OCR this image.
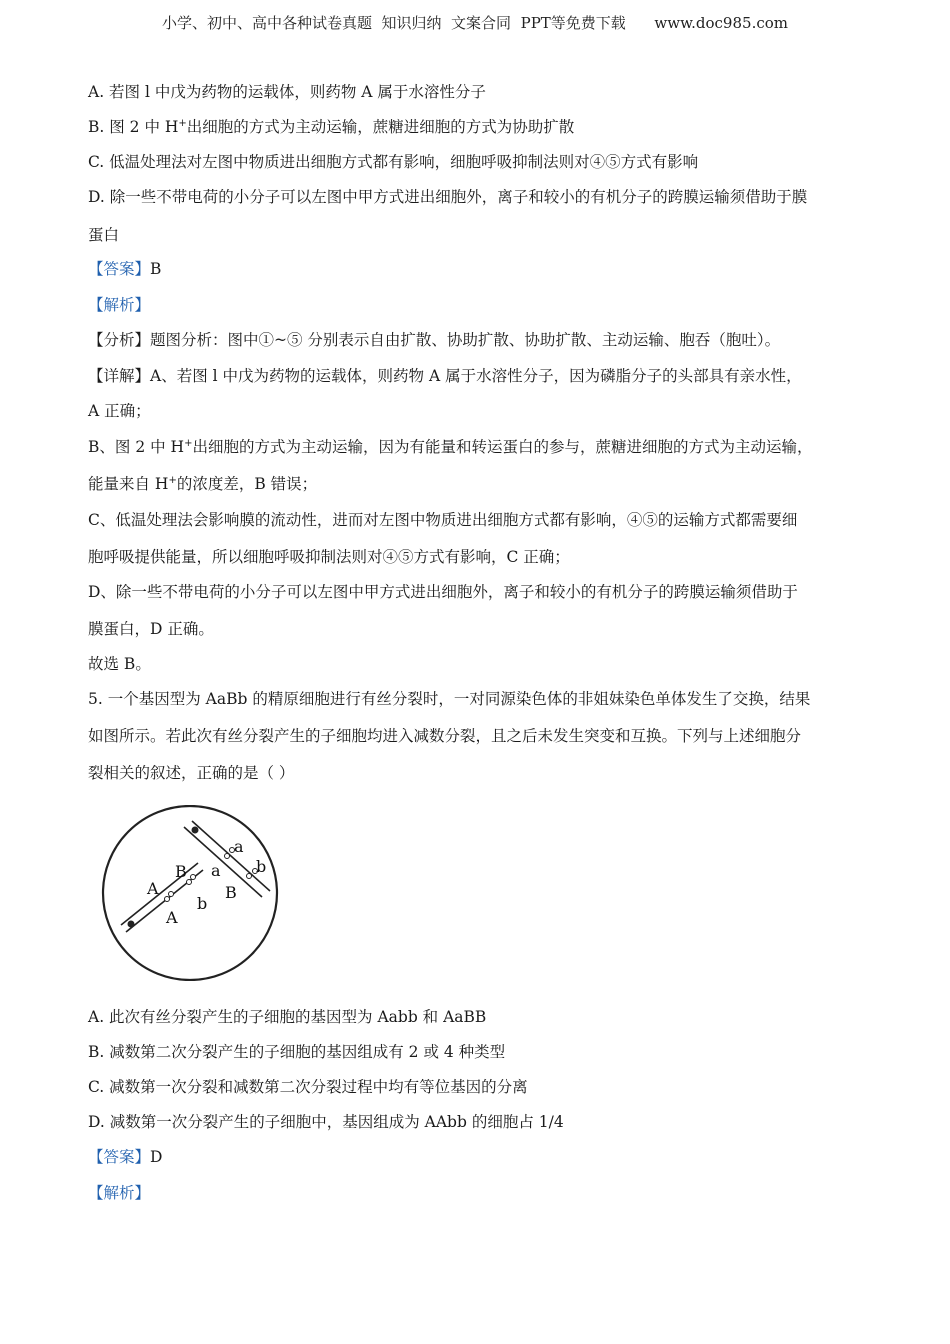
小学、初中、高中各种试卷真题  知识归纳  文案合同  PPT等免费下载      www.doc985.com
A. 若图 l 中戊为药物的运载体，则药物 A 属于水溶性分子
B. 图 2 中 H+出细胞的方式为主动运输，蔗糖进细胞的方式为协助扩散
C. 低温处理法对左图中物质进出细胞方式都有影响，细胞呼吸抑制法则对④⑤方式有影响
D. 除一些不带电荷的小分子可以左图中甲方式进出细胞外，离子和较小的有机分子的跨膜运输须借助于膜
蛋白
【答案】B
【解析】
【分析】题图分析：图中①~⑤ 分别表示自由扩散、协助扩散、协助扩散、主动运输、胞吞（胞吐）。
【详解】A、若图 l 中戊为药物的运载体，则药物 A 属于水溶性分子，因为磷脂分子的头部具有亲水性，
A 正确；
B、图 2 中 H+出细胞的方式为主动运输，因为有能量和转运蛋白的参与，蔗糖进细胞的方式为主动运输，
能量来自 H+的浓度差，B 错误；
C、低温处理法会影响膜的流动性，进而对左图中物质进出细胞方式都有影响，④⑤的运输方式都需要细
胞呼吸提供能量，所以细胞呼吸抑制法则对④⑤方式有影响，C 正确；
D、除一些不带电荷的小分子可以左图中甲方式进出细胞外，离子和较小的有机分子的跨膜运输须借助于
膜蛋白，D 正确。
故选 B。
5. 一个基因型为 AaBb 的精原细胞进行有丝分裂时，一对同源染色体的非姐妹染色单体发生了交换，结果
如图所示。若此次有丝分裂产生的子细胞均进入减数分裂，且之后未发生突变和互换。下列与上述细胞分
裂相关的叙述，正确的是（ ）
A
B
a
b
A
b
a
B
A. 此次有丝分裂产生的子细胞的基因型为 Aabb 和 AaBB
B. 减数第二次分裂产生的子细胞的基因组成有 2 或 4 种类型
C. 减数第一次分裂和减数第二次分裂过程中均有等位基因的分离
D. 减数第一次分裂产生的子细胞中，基因组成为 AAbb 的细胞占 1/4
【答案】D
【解析】
